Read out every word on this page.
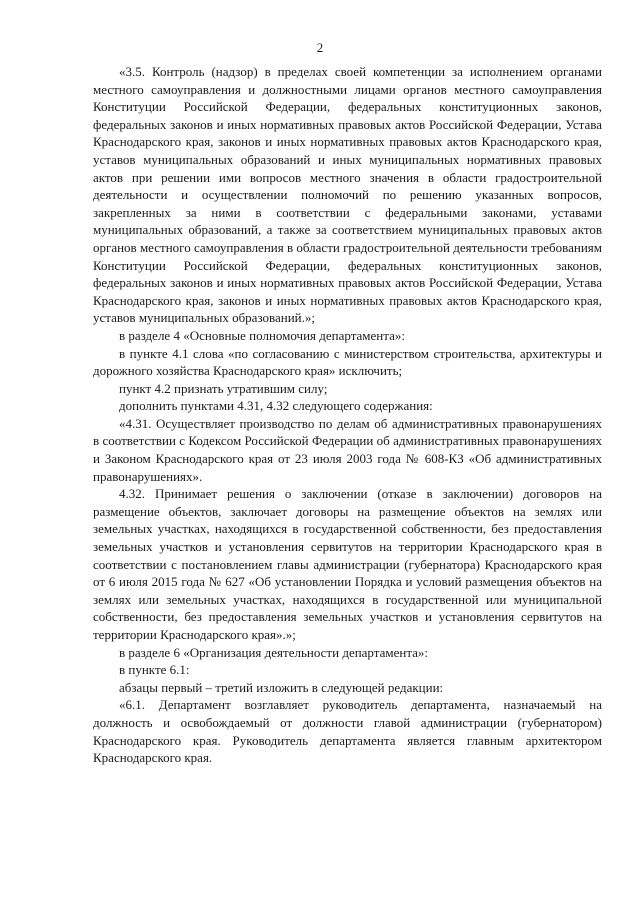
2

«3.5. Контроль (надзор) в пределах своей компетенции за исполнением органами местного самоуправления и должностными лицами органов местного самоуправления Конституции Российской Федерации, федеральных конституционных законов, федеральных законов и иных нормативных правовых актов Российской Федерации, Устава Краснодарского края, законов и иных нормативных правовых актов Краснодарского края, уставов муниципальных образований и иных муниципальных нормативных правовых актов при решении ими вопросов местного значения в области градостроительной деятельности и осуществлении полномочий по решению указанных вопросов, закрепленных за ними в соответствии с федеральными законами, уставами муниципальных образований, а также за соответствием муниципальных правовых актов органов местного самоуправления в области градостроительной деятельности требованиям Конституции Российской Федерации, федеральных конституционных законов, федеральных законов и иных нормативных правовых актов Российской Федерации, Устава Краснодарского края, законов и иных нормативных правовых актов Краснодарского края, уставов муниципальных образований.»;

в разделе 4 «Основные полномочия департамента»:

в пункте 4.1 слова «по согласованию с министерством строительства, архитектуры и дорожного хозяйства Краснодарского края» исключить;

пункт 4.2 признать утратившим силу;

дополнить пунктами 4.31, 4.32 следующего содержания:

«4.31. Осуществляет производство по делам об административных правонарушениях в соответствии с Кодексом Российской Федерации об административных правонарушениях и Законом Краснодарского края от 23 июля 2003 года № 608-КЗ «Об административных правонарушениях».

4.32. Принимает решения о заключении (отказе в заключении) договоров на размещение объектов, заключает договоры на размещение объектов на землях или земельных участках, находящихся в государственной собственности, без предоставления земельных участков и установления сервитутов на территории Краснодарского края в соответствии с постановлением главы администрации (губернатора) Краснодарского края от 6 июля 2015 года № 627 «Об установлении Порядка и условий размещения объектов на землях или земельных участках, находящихся в государственной или муниципальной собственности, без предоставления земельных участков и установления сервитутов на территории Краснодарского края».»;

в разделе 6 «Организация деятельности департамента»:

в пункте 6.1:

абзацы первый – третий изложить в следующей редакции:

«6.1. Департамент возглавляет руководитель департамента, назначаемый на должность и освобождаемый от должности главой администрации (губернатором) Краснодарского края. Руководитель департамента является главным архитектором Краснодарского края.
